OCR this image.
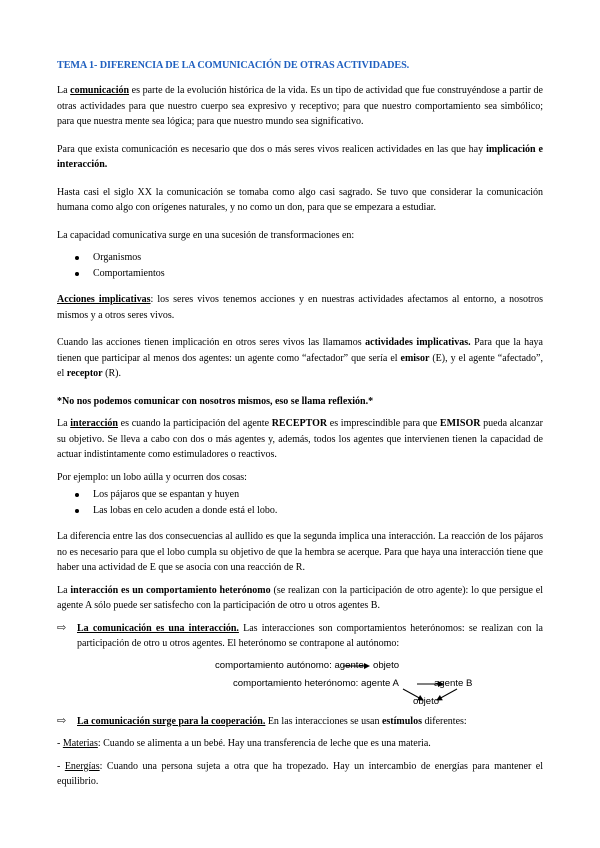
TEMA 1- DIFERENCIA DE LA COMUNICACIÓN DE OTRAS ACTIVIDADES.

La comunicación es parte de la evolución histórica de la vida. Es un tipo de actividad que fue construyéndose a partir de otras actividades para que nuestro cuerpo sea expresivo y receptivo; para que nuestro comportamiento sea simbólico; para que nuestra mente sea lógica; para que nuestro mundo sea significativo.

Para que exista comunicación es necesario que dos o más seres vivos realicen actividades en las que hay implicación e interacción.

Hasta casi el siglo XX la comunicación se tomaba como algo casi sagrado. Se tuvo que considerar la comunicación humana como algo con orígenes naturales, y no como un don, para que se empezara a estudiar.

La capacidad comunicativa surge en una sucesión de transformaciones en:

Organismos
Comportamientos

Acciones implicativas: los seres vivos tenemos acciones y en nuestras actividades afectamos al entorno, a nosotros mismos y a otros seres vivos.

Cuando las acciones tienen implicación en otros seres vivos las llamamos actividades implicativas. Para que la haya tienen que participar al menos dos agentes: un agente como “afectador” que sería el emisor (E), y el agente “afectado”, el receptor (R).

*No nos podemos comunicar con nosotros mismos, eso se llama reflexión.*

La interacción es cuando la participación del agente RECEPTOR es imprescindible para que EMISOR pueda alcanzar su objetivo. Se lleva a cabo con dos o más agentes y, además, todos los agentes que intervienen tienen la capacidad de actuar indistintamente como estimuladores o reactivos.

Por ejemplo: un lobo aúlla y ocurren dos cosas:

Los pájaros que se espantan y huyen
Las lobas en celo acuden a donde está el lobo.

La diferencia entre las dos consecuencias al aullido es que la segunda implica una interacción. La reacción de los pájaros no es necesario para que el lobo cumpla su objetivo de que la hembra se acerque. Para que haya una interacción tiene que haber una actividad de E que se asocia con una reacción de R.

La interacción es un comportamiento heterónomo (se realizan con la participación de otro agente): lo que persigue el agente A sólo puede ser satisfecho con la participación de otro u otros agentes B.

⇨	La comunicación es una interacción. Las interacciones son comportamientos heterónomos: se realizan con la participación de otro u otros agentes. El heterónomo se contrapone al autónomo:

comportamiento autónomo: agente objeto
comportamiento heterónomo: agente A	agente B
objeto
⇨	La comunicación surge para la cooperación. En las interacciones se usan estímulos diferentes:

- Materias: Cuando se alimenta a un bebé. Hay una transferencia de leche que es una materia.

- Energías: Cuando una persona sujeta a otra que ha tropezado. Hay un intercambio de energías para mantener el equilibrio.
